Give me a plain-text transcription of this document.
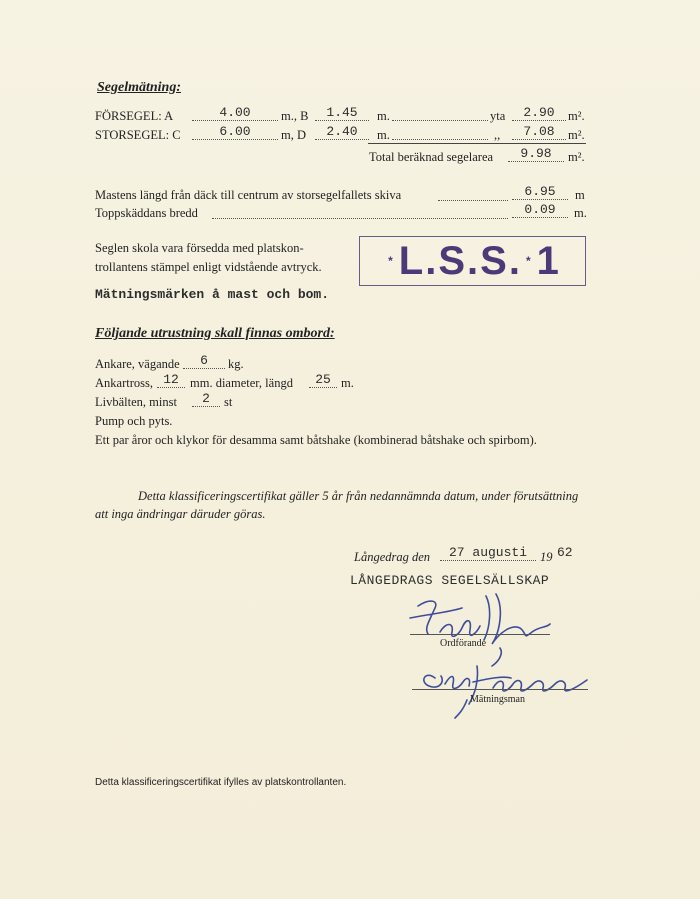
Segelmätning:
FÖRSEGEL: A	4.00	m., B	1.45	m.	yta	2.90	m².
STORSEGEL: C	6.00	m, D	2.40	m.	,,	7.08	m².
Total beräknad segelarea	9.98	m².
Mastens längd från däck till centrum av storsegelfallets skiva	6.95	m
Toppskäddans bredd	0.09	m.
Seglen skola vara försedda med platskon-
trollantens stämpel enligt vidstående avtryck.	* L.S.S. * 1
Mätningsmärken å mast och bom.
Följande utrustning skall finnas ombord:
Ankare, vägande	6	kg.
Ankartross, 12 mm. diameter, längd	25 m.
Livbälten, minst	2	st
Pump och pyts.
Ett par åror och klykor för desamma samt båtshake (kombinerad båtshake och spirbom).
Detta klassificeringscertifikat gäller 5 år från nedannämnda datum, under förutsättning
att inga ändringar däruder göras.
Långedrag den	27 augusti	19 62
LÅNGEDRAGS SEGELSÄLLSKAP
Ordförande
Mätningsman
Detta klassificeringscertifikat ifylles av platskontrollanten.
